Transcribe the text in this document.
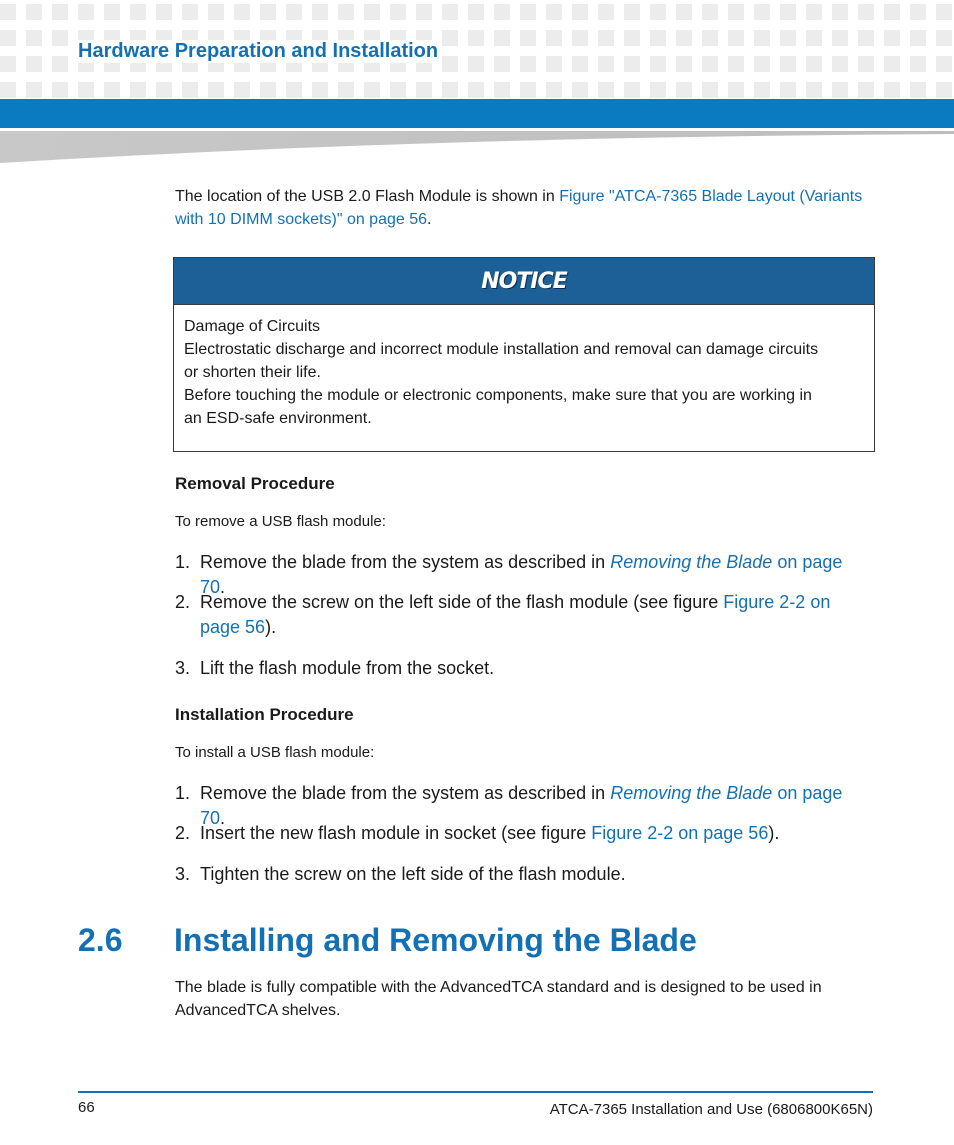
Hardware Preparation and Installation
The location of the USB 2.0 Flash Module is shown in Figure "ATCA-7365 Blade Layout (Variants
with 10 DIMM sockets)" on page 56.
NOTICE
Damage of Circuits
Electrostatic discharge and incorrect module installation and removal can damage circuits
or shorten their life.
Before touching the module or electronic components, make sure that you are working in
an ESD-safe environment.
Removal Procedure
To remove a USB flash module:
1. Remove the blade from the system as described in Removing the Blade on page 70.
2. Remove the screw on the left side of the flash module (see figure Figure 2-2 on
page 56).
3. Lift the flash module from the socket.
Installation Procedure
To install a USB flash module:
1. Remove the blade from the system as described in Removing the Blade on page 70.
2. Insert the new flash module in socket (see figure Figure 2-2 on page 56).
3. Tighten the screw on the left side of the flash module.
2.6 Installing and Removing the Blade
The blade is fully compatible with the AdvancedTCA standard and is designed to be used in
AdvancedTCA shelves.
66	ATCA-7365 Installation and Use (6806800K65N)
